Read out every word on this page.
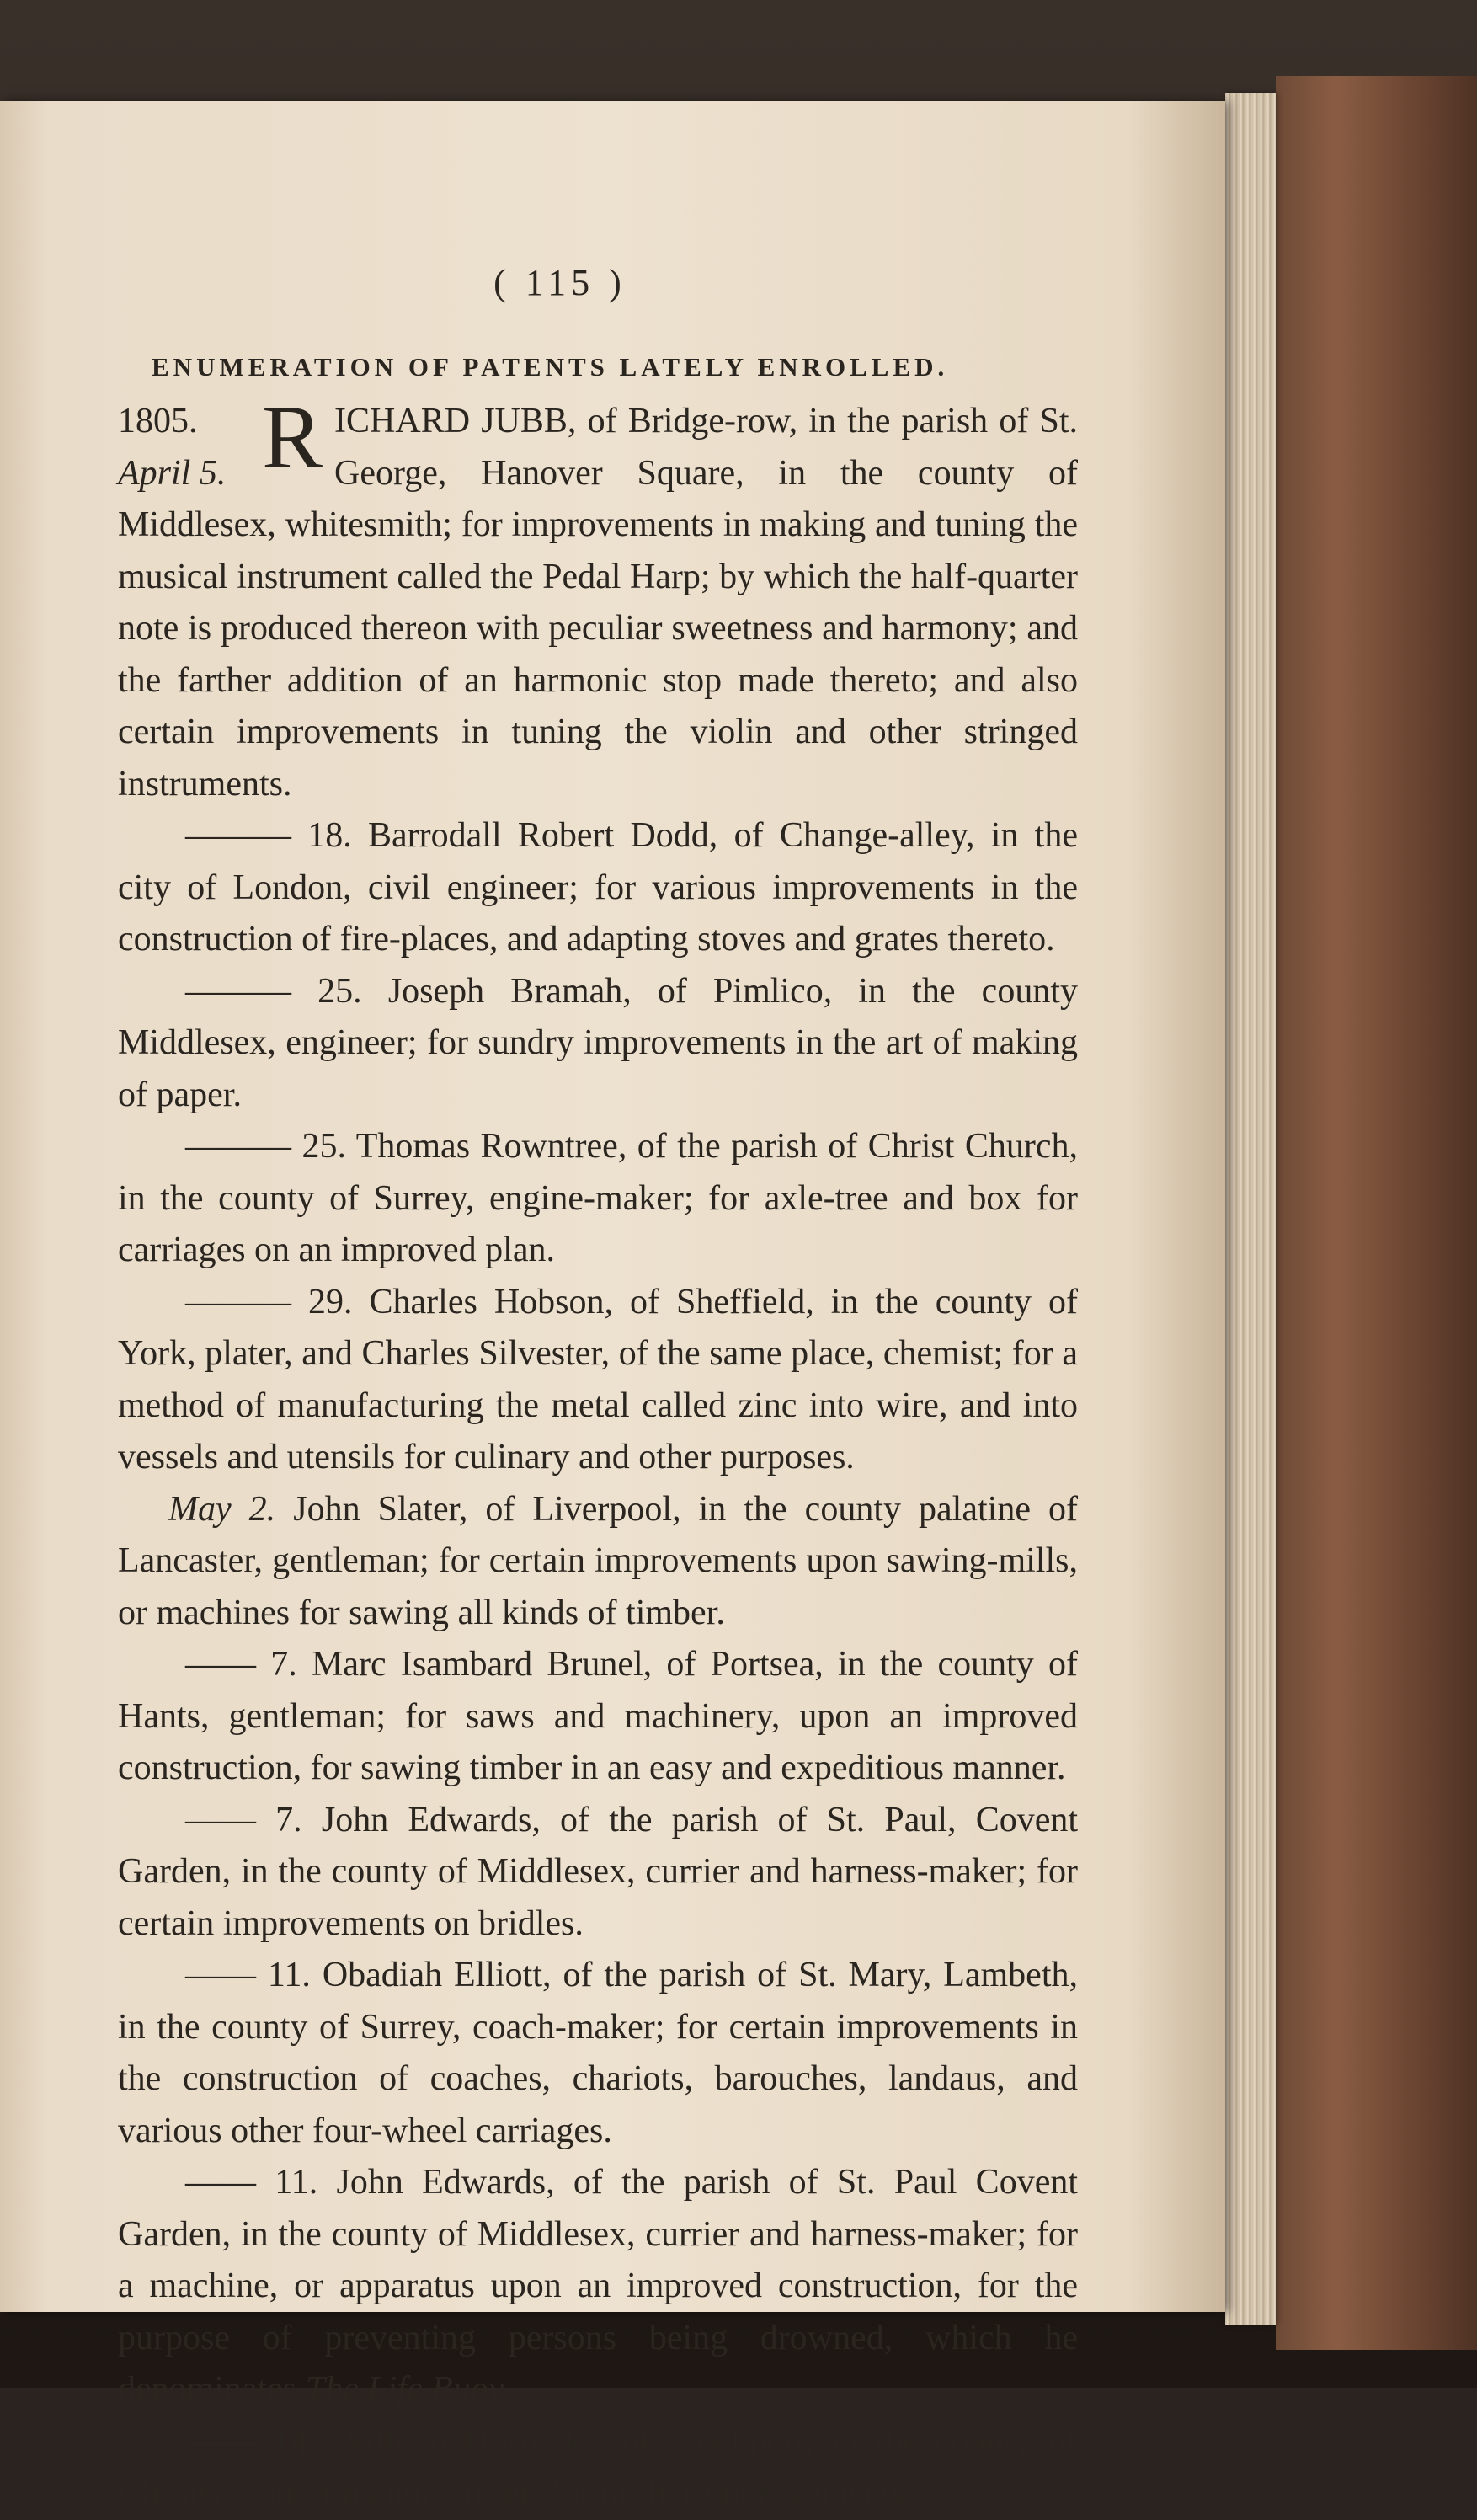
( 115 )
ENUMERATION OF PATENTS LATELY ENROLLED.

1805.
April 5. R ICHARD JUBB, of Bridge-row, in the parish of St. George, Hanover Square, in the county of Middlesex, whitesmith; for improvements in making and tuning the musical instrument called the Pedal Harp; by which the half-quarter note is produced thereon with peculiar sweetness and harmony; and the farther addition of an harmonic stop made thereto; and also certain improvements in tuning the violin and other stringed instruments.

——— 18. Barrodall Robert Dodd, of Change-alley, in the city of London, civil engineer; for various improvements in the construction of fire-places, and adapting stoves and grates thereto.

——— 25. Joseph Bramah, of Pimlico, in the county Middlesex, engineer; for sundry improvements in the art of making of paper.

——— 25. Thomas Rowntree, of the parish of Christ Church, in the county of Surrey, engine-maker; for axle-tree and box for carriages on an improved plan.

——— 29. Charles Hobson, of Sheffield, in the county of York, plater, and Charles Silvester, of the same place, chemist; for a method of manufacturing the metal called zinc into wire, and into vessels and utensils for culinary and other purposes.

May 2. John Slater, of Liverpool, in the county palatine of Lancaster, gentleman; for certain improvements upon sawing-mills, or machines for sawing all kinds of timber.

—— 7. Marc Isambard Brunel, of Portsea, in the county of Hants, gentleman; for saws and machinery, upon an improved construction, for sawing timber in an easy and expeditious manner.

—— 7. John Edwards, of the parish of St. Paul, Covent Garden, in the county of Middlesex, currier and harness-maker; for certain improvements on bridles.

—— 11. Obadiah Elliott, of the parish of St. Mary, Lambeth, in the county of Surrey, coach-maker; for certain improvements in the construction of coaches, chariots, barouches, landaus, and various other four-wheel carriages.

—— 11. John Edwards, of the parish of St. Paul Covent Garden, in the county of Middlesex, currier and harness-maker; for a machine, or apparatus upon an improved construction, for the purpose of preventing persons being drowned, which he denominates The Life Buoy.

—— 14. William Horrocks, of Stockport, in the county of Chester, cotton-manufacturer; for farther improvements
